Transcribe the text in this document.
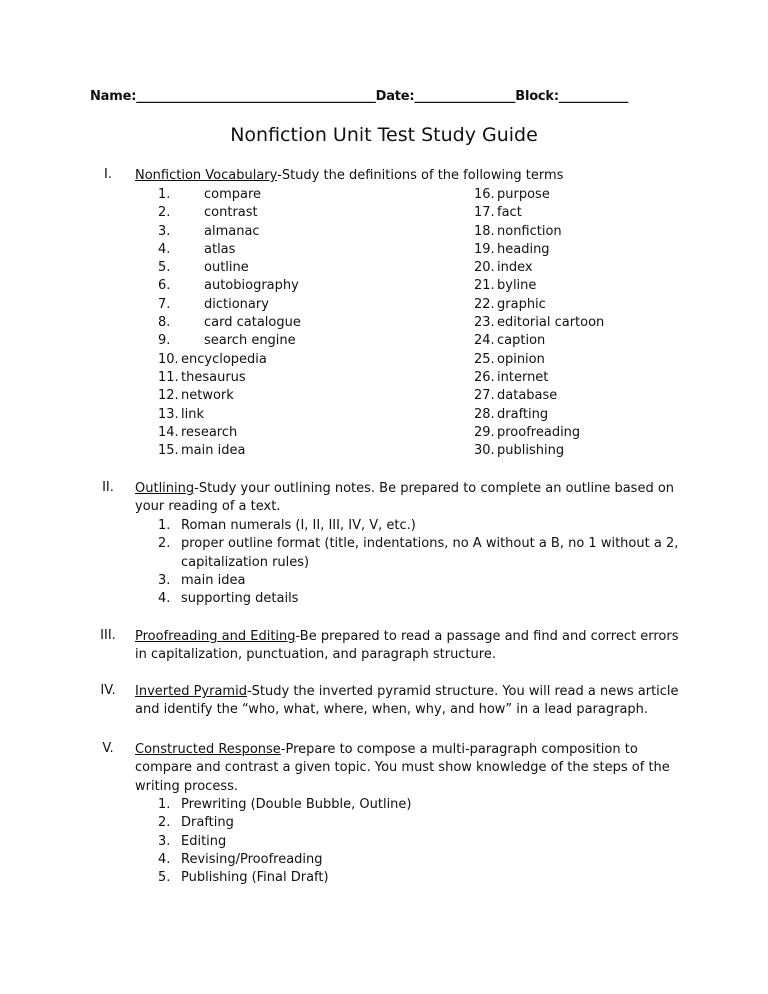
Name:______________________________________Date:________________Block:___________
Nonfiction Unit Test Study Guide
I.	Nonfiction Vocabulary-Study the definitions of the following terms
1.	compare
2.	contrast
3.	almanac
4.	atlas
5.	outline
6.	autobiography
7.	dictionary
8.	card catalogue
9.	search engine
10. encyclopedia
11. thesaurus
12. network
13. link
14. research
15. main idea
16. purpose
17. fact
18. nonfiction
19. heading
20. index
21. byline
22. graphic
23. editorial cartoon
24. caption
25. opinion
26. internet
27. database
28. drafting
29. proofreading
30. publishing
II.	Outlining-Study your outlining notes. Be prepared to complete an outline based on your reading of a text.
1. Roman numerals (I, II, III, IV, V, etc.)
2. proper outline format (title, indentations, no A without a B, no 1 without a 2, capitalization rules)
3. main idea
4. supporting details
III.	Proofreading and Editing-Be prepared to read a passage and find and correct errors in capitalization, punctuation, and paragraph structure.
IV.	Inverted Pyramid-Study the inverted pyramid structure. You will read a news article and identify the “who, what, where, when, why, and how” in a lead paragraph.
V.	Constructed Response-Prepare to compose a multi-paragraph composition to compare and contrast a given topic. You must show knowledge of the steps of the writing process.
1. Prewriting (Double Bubble, Outline)
2. Drafting
3. Editing
4. Revising/Proofreading
5. Publishing (Final Draft)
